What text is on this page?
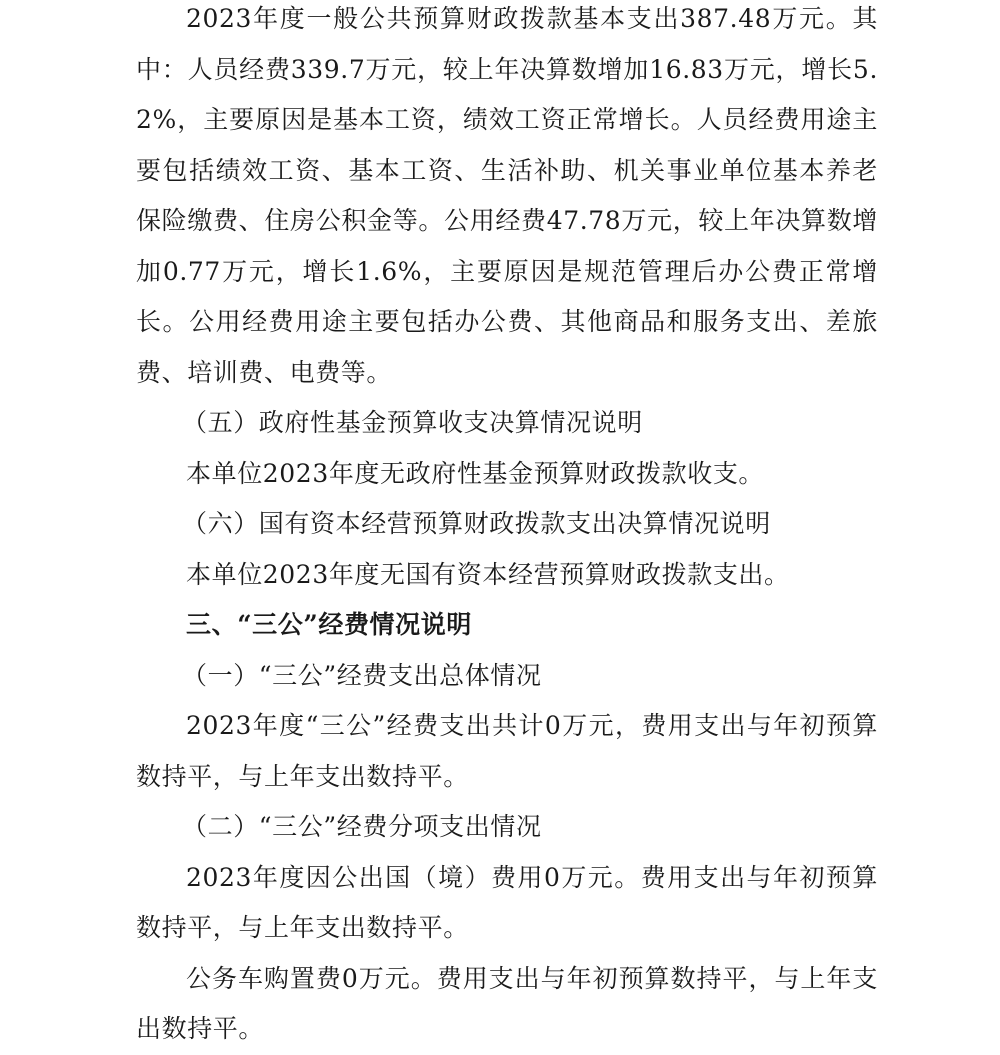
2023年度一般公共预算财政拨款基本支出387.48万元。其中：人员经费339.7万元，较上年决算数增加16.83万元，增长5.2%，主要原因是基本工资，绩效工资正常增长。人员经费用途主要包括绩效工资、基本工资、生活补助、机关事业单位基本养老保险缴费、住房公积金等。公用经费47.78万元，较上年决算数增加0.77万元，增长1.6%，主要原因是规范管理后办公费正常增长。公用经费用途主要包括办公费、其他商品和服务支出、差旅费、培训费、电费等。

（五）政府性基金预算收支决算情况说明

本单位2023年度无政府性基金预算财政拨款收支。

（六）国有资本经营预算财政拨款支出决算情况说明

本单位2023年度无国有资本经营预算财政拨款支出。

三、“三公”经费情况说明

（一）“三公”经费支出总体情况

2023年度“三公”经费支出共计0万元，费用支出与年初预算数持平，与上年支出数持平。

（二）“三公”经费分项支出情况

2023年度因公出国（境）费用0万元。费用支出与年初预算数持平，与上年支出数持平。

公务车购置费0万元。费用支出与年初预算数持平，与上年支出数持平。
